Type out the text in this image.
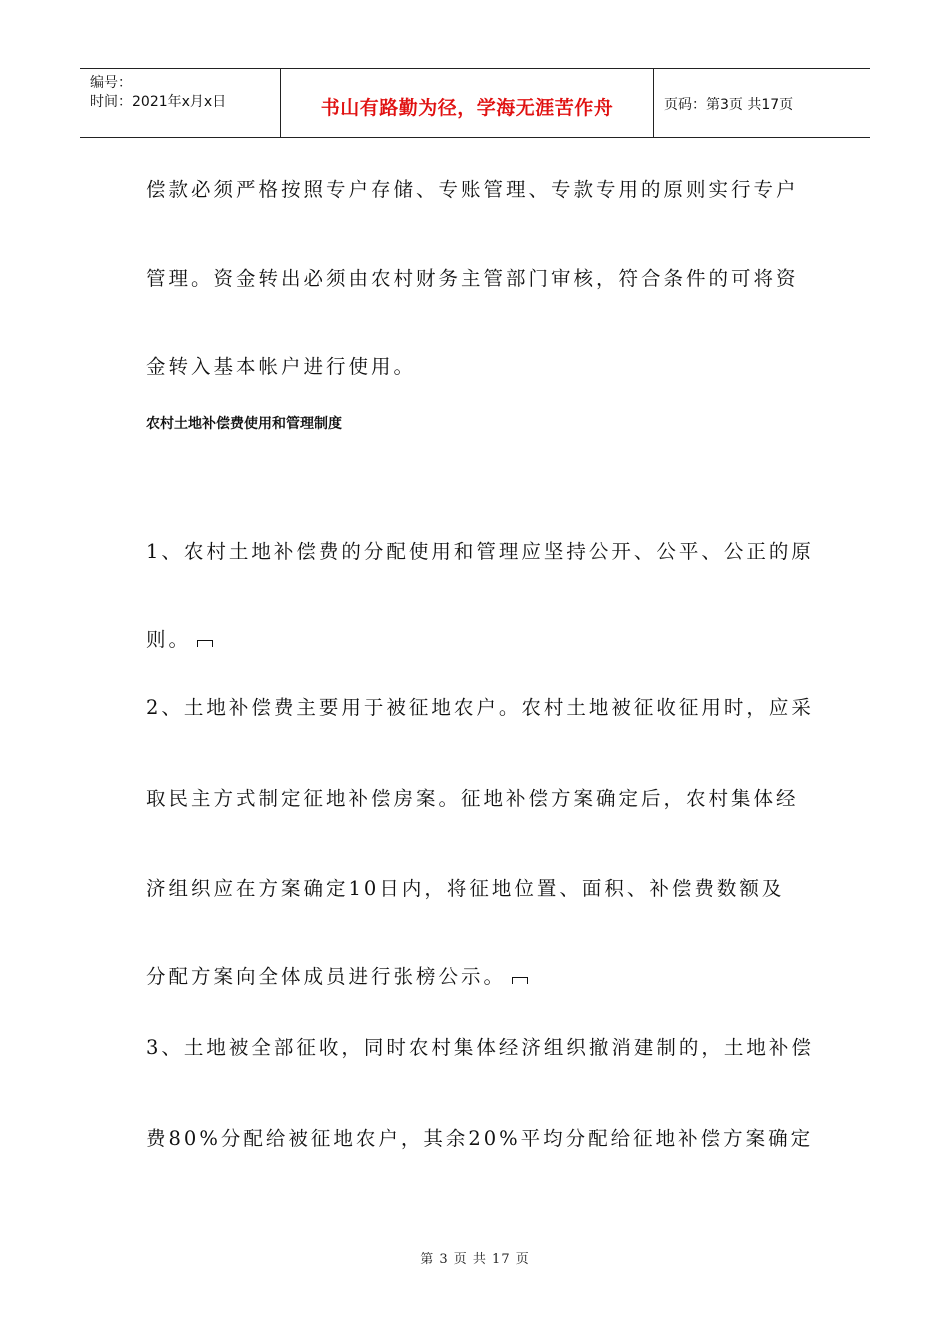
编号：
时间：2021年x月x日	书山有路勤为径，学海无涯苦作舟	页码：第3页 共17页
偿款必须严格按照专户存储、专账管理、专款专用的原则实行专户
管理。资金转出必须由农村财务主管部门审核，符合条件的可将资
金转入基本帐户进行使用。
农村土地补偿费使用和管理制度
1、农村土地补偿费的分配使用和管理应坚持公开、公平、公正的原
则。
2、土地补偿费主要用于被征地农户。农村土地被征收征用时，应采
取民主方式制定征地补偿房案。征地补偿方案确定后，农村集体经
济组织应在方案确定10日内，将征地位置、面积、补偿费数额及
分配方案向全体成员进行张榜公示。
3、土地被全部征收，同时农村集体经济组织撤消建制的，土地补偿
费80%分配给被征地农户，其余20%平均分配给征地补偿方案确定
第 3 页 共 17 页
